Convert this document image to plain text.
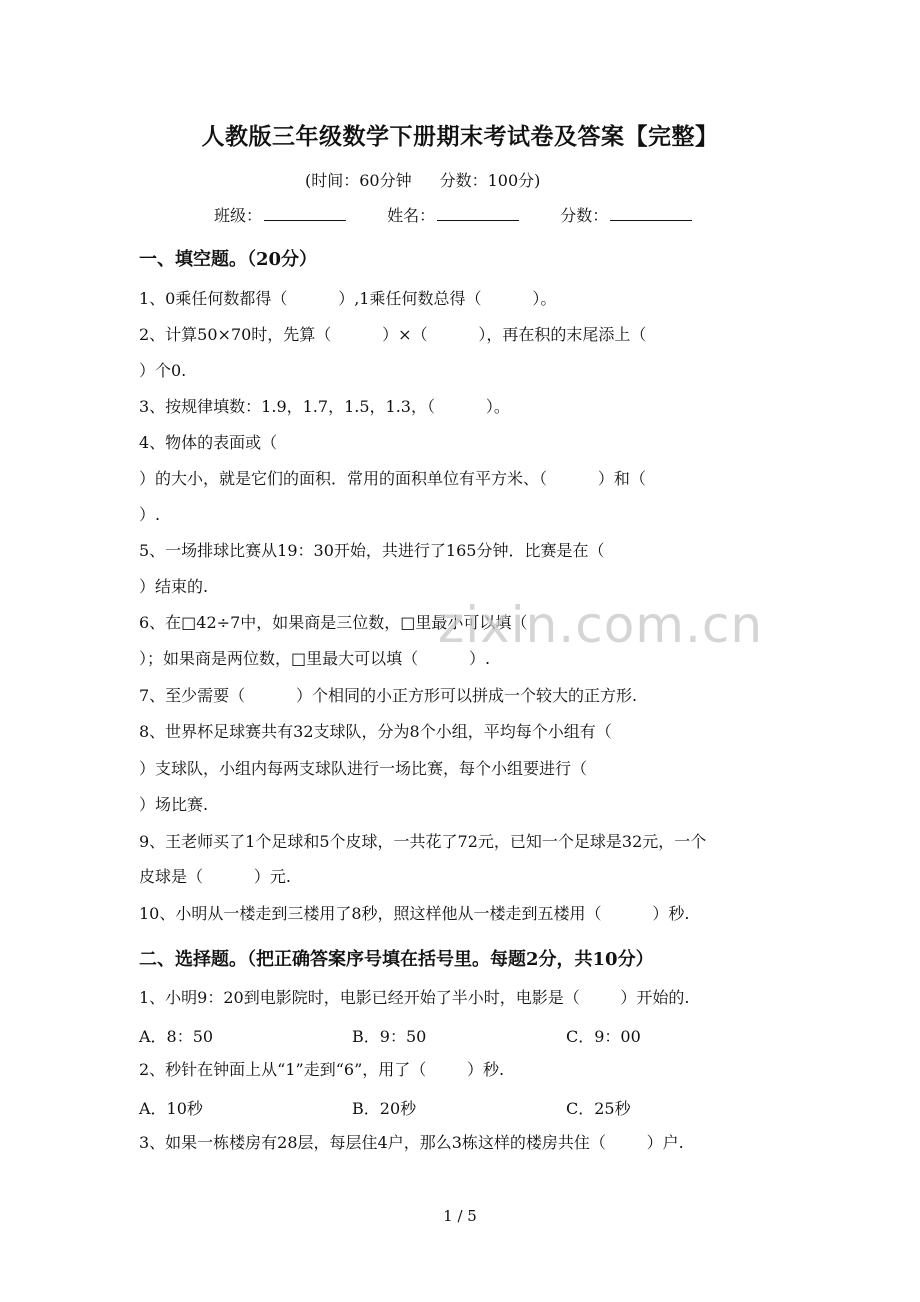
人教版三年级数学下册期末考试卷及答案【完整】
(时间：60分钟 分数：100分)
班级：	姓名：	分数：
一、填空题。（20分）
1、0乘任何数都得（          ）,1乘任何数总得（          ）。
2、计算50×70时，先算（          ）×（          ），再在积的末尾添上（
）个0.
3、按规律填数：1.9，1.7，1.5，1.3，（          ）。
4、物体的表面或（
）的大小，就是它们的面积．常用的面积单位有平方米、（          ）和（
）.
5、一场排球比赛从19：30开始，共进行了165分钟．比赛是在（
）结束的.
6、在□42÷7中，如果商是三位数，□里最小可以填（
）；如果商是两位数，□里最大可以填（          ）.
7、至少需要（          ）个相同的小正方形可以拼成一个较大的正方形.
8、世界杯足球赛共有32支球队，分为8个小组，平均每个小组有（
）支球队，小组内每两支球队进行一场比赛，每个小组要进行（
）场比赛.
9、王老师买了1个足球和5个皮球，一共花了72元，已知一个足球是32元，一个
皮球是（          ）元.
10、小明从一楼走到三楼用了8秒，照这样他从一楼走到五楼用（          ）秒.
二、选择题。（把正确答案序号填在括号里。每题2分，共10分）
1、小明9：20到电影院时，电影已经开始了半小时，电影是（        ）开始的.
A．8：50	B．9：50	C．9：00
2、秒针在钟面上从“1”走到“6”，用了（        ）秒.
A．10秒	B．20秒	C．25秒
3、如果一栋楼房有28层，每层住4户，那么3栋这样的楼房共住（        ）户.
zixin.com.cn
1 / 5
